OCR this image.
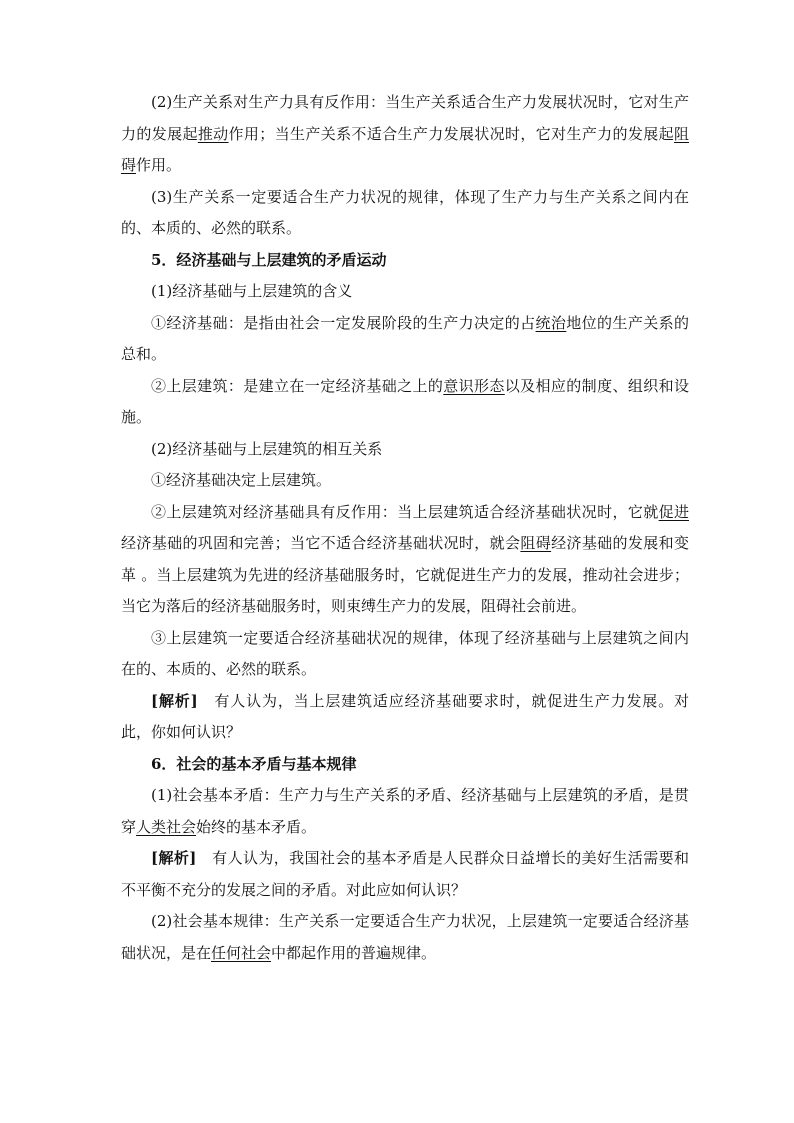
(2)生产关系对生产力具有反作用：当生产关系适合生产力发展状况时，它对生产力的发展起推动作用；当生产关系不适合生产力发展状况时，它对生产力的发展起阻碍作用。

(3)生产关系一定要适合生产力状况的规律，体现了生产力与生产关系之间内在的、本质的、必然的联系。

5．经济基础与上层建筑的矛盾运动

(1)经济基础与上层建筑的含义

①经济基础：是指由社会一定发展阶段的生产力决定的占统治地位的生产关系的总和。

②上层建筑：是建立在一定经济基础之上的意识形态以及相应的制度、组织和设施。

(2)经济基础与上层建筑的相互关系

①经济基础决定上层建筑。

②上层建筑对经济基础具有反作用：当上层建筑适合经济基础状况时，它就促进经济基础的巩固和完善；当它不适合经济基础状况时，就会阻碍经济基础的发展和变革 。当上层建筑为先进的经济基础服务时，它就促进生产力的发展，推动社会进步；当它为落后的经济基础服务时，则束缚生产力的发展，阻碍社会前进。

③上层建筑一定要适合经济基础状况的规律，体现了经济基础与上层建筑之间内在的、本质的、必然的联系。

[解析]　有人认为，当上层建筑适应经济基础要求时，就促进生产力发展。对此，你如何认识？

6．社会的基本矛盾与基本规律

(1)社会基本矛盾：生产力与生产关系的矛盾、经济基础与上层建筑的矛盾，是贯穿人类社会始终的基本矛盾。

[解析]　有人认为，我国社会的基本矛盾是人民群众日益增长的美好生活需要和不平衡不充分的发展之间的矛盾。对此应如何认识？

(2)社会基本规律：生产关系一定要适合生产力状况，上层建筑一定要适合经济基础状况，是在任何社会中都起作用的普遍规律。
